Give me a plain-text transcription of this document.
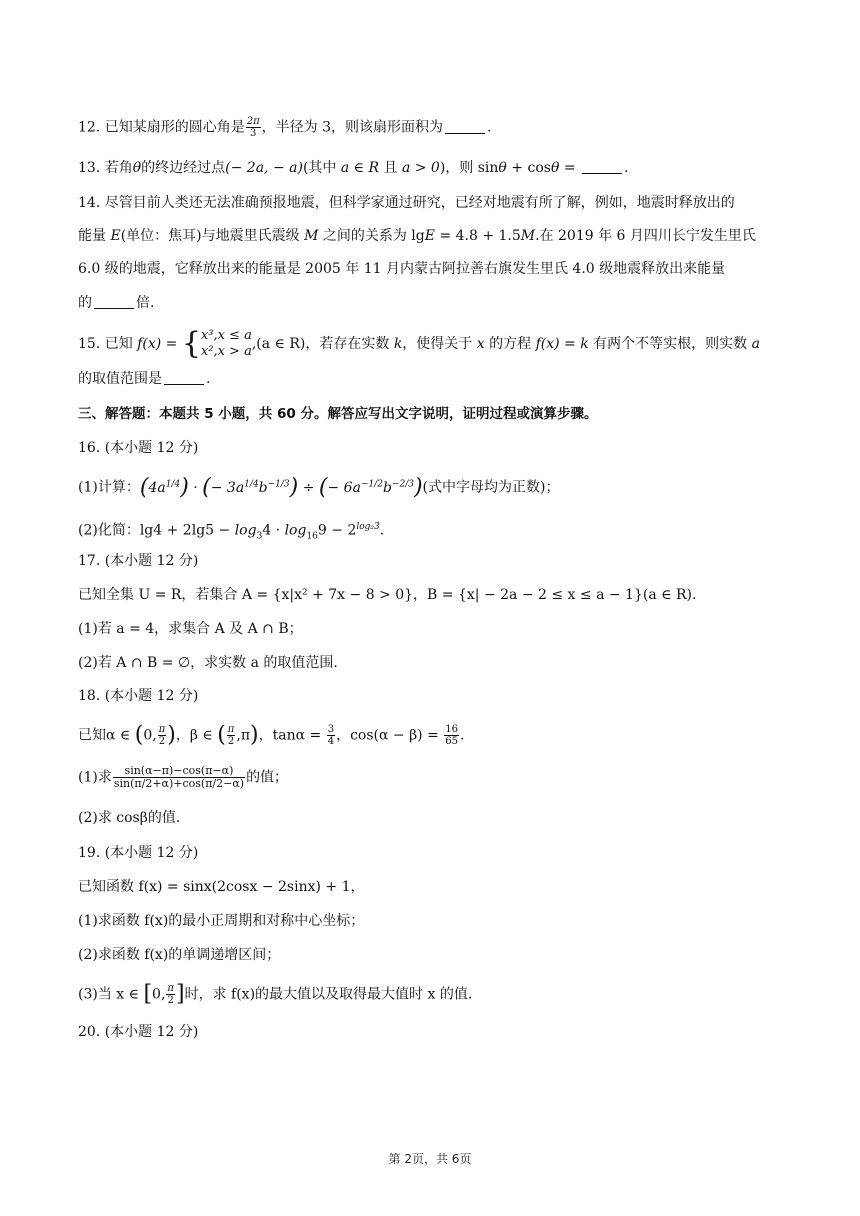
12. 已知某扇形的圆心角是 $\frac{2\pi}{3}$ ，半径为 3，则该扇形面积为	.
13. 若角θ的终边经过点(− 2a, − a)(其中 a ∈ R 且 a > 0)，则 sinθ + cosθ =	.
14. 尽管目前人类还无法准确预报地震，但科学家通过研究，已经对地震有所了解，例如，地震时释放出的
能量 E(单位：焦耳)与地震里氏震级 M 之间的关系为 lgE = 4.8 + 1.5M.在 2019 年 6 月四川长宁发生里氏
6.0 级的地震，它释放出来的能量是 2005 年 11 月内蒙古阿拉善右旗发生里氏 4.0 级地震释放出来能量
的	倍.
15. 已知 f(x) = { x³,x ≤ a
x²,x > a ,(a ∈ R)，若存在实数 k，使得关于 x 的方程 f(x) = k 有两个不等实根，则实数 a
的取值范围是	.
三、解答题：本题共 5 小题，共 60 分。解答应写出文字说明，证明过程或演算步骤。
16. (本小题 12 分)
(1)计算：$(4a^{1/4})$ · (− $3a^{1/4}b^{-1/3}$) ÷ (− $6a^{-1/2}b^{-2/3}$)(式中字母均为正数)；
(2)化简：$\lg 4 + 2\lg 5 - \log_34 \cdot \log_{16}9 - 2^{log_23}$.
17. (本小题 12 分)
已知全集 U = R，若集合 A = {x|x² + 7x − 8 > 0}，B = {x| − 2a − 2 ≤ x ≤ a − 1}(a ∈ R).
(1)若 a = 4，求集合 A 及 A ∩ B；
(2)若 A ∩ B = ∅，求实数 a 的取值范围.
18. (本小题 12 分)
已知α ∈ (0, $\frac{\pi}{2}$ )，β ∈ ( $\frac{\pi}{2} ,\pi$)，$\tan\alpha = \frac{3}{4}$ ，$\cos(\alpha - \beta) = \frac{16}{65}$ .
(1)求 $\frac{\sin(\alpha-\pi)-\cos(\pi-\alpha)}{\sin(\pi/2+\alpha)+\cos(\pi/2-\alpha)}$ 的值；
(2)求 cosβ的值.
19. (本小题 12 分)
已知函数 f(x) = sinx(2cosx − 2sinx) + 1，
(1)求函数 f(x)的最小正周期和对称中心坐标；
(2)求函数 f(x)的单调递增区间；
(3)当 x ∈ [0, $\frac{\pi}{2}$ ]时，求 f(x)的最大值以及取得最大值时 x 的值.
20. (本小题 12 分)
第 2页，共 6页
